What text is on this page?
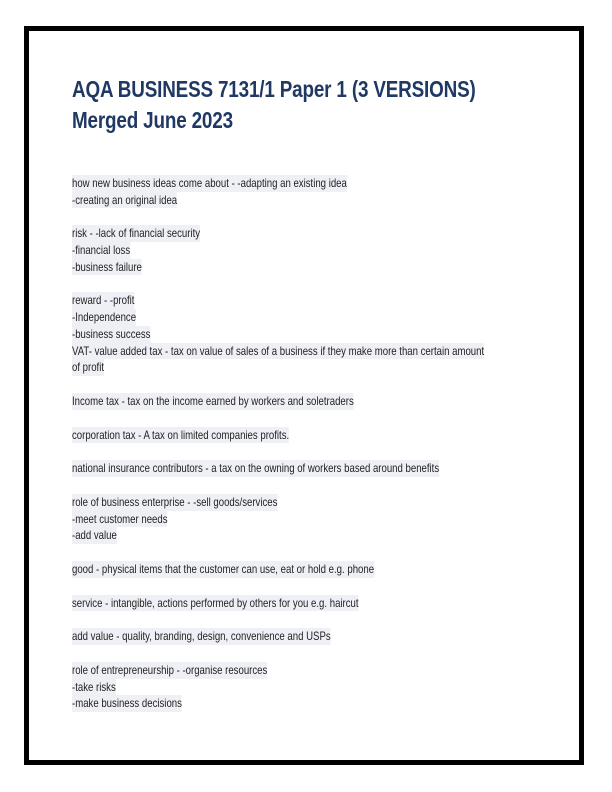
AQA BUSINESS 7131/1 Paper 1 (3 VERSIONS)
Merged June 2023
how new business ideas come about - -adapting an existing idea
-creating an original idea
risk - -lack of financial security
-financial loss
-business failure
reward - -profit
-Independence
-business success
VAT- value added tax - tax on value of sales of a business if they make more than certain amount
of profit
Income tax - tax on the income earned by workers and soletraders
corporation tax - A tax on limited companies profits.
national insurance contributors - a tax on the owning of workers based around benefits
role of business enterprise - -sell goods/services
-meet customer needs
-add value
good - physical items that the customer can use, eat or hold e.g. phone
service - intangible, actions performed by others for you e.g. haircut
add value - quality, branding, design, convenience and USPs
role of entrepreneurship - -organise resources
-take risks
-make business decisions
